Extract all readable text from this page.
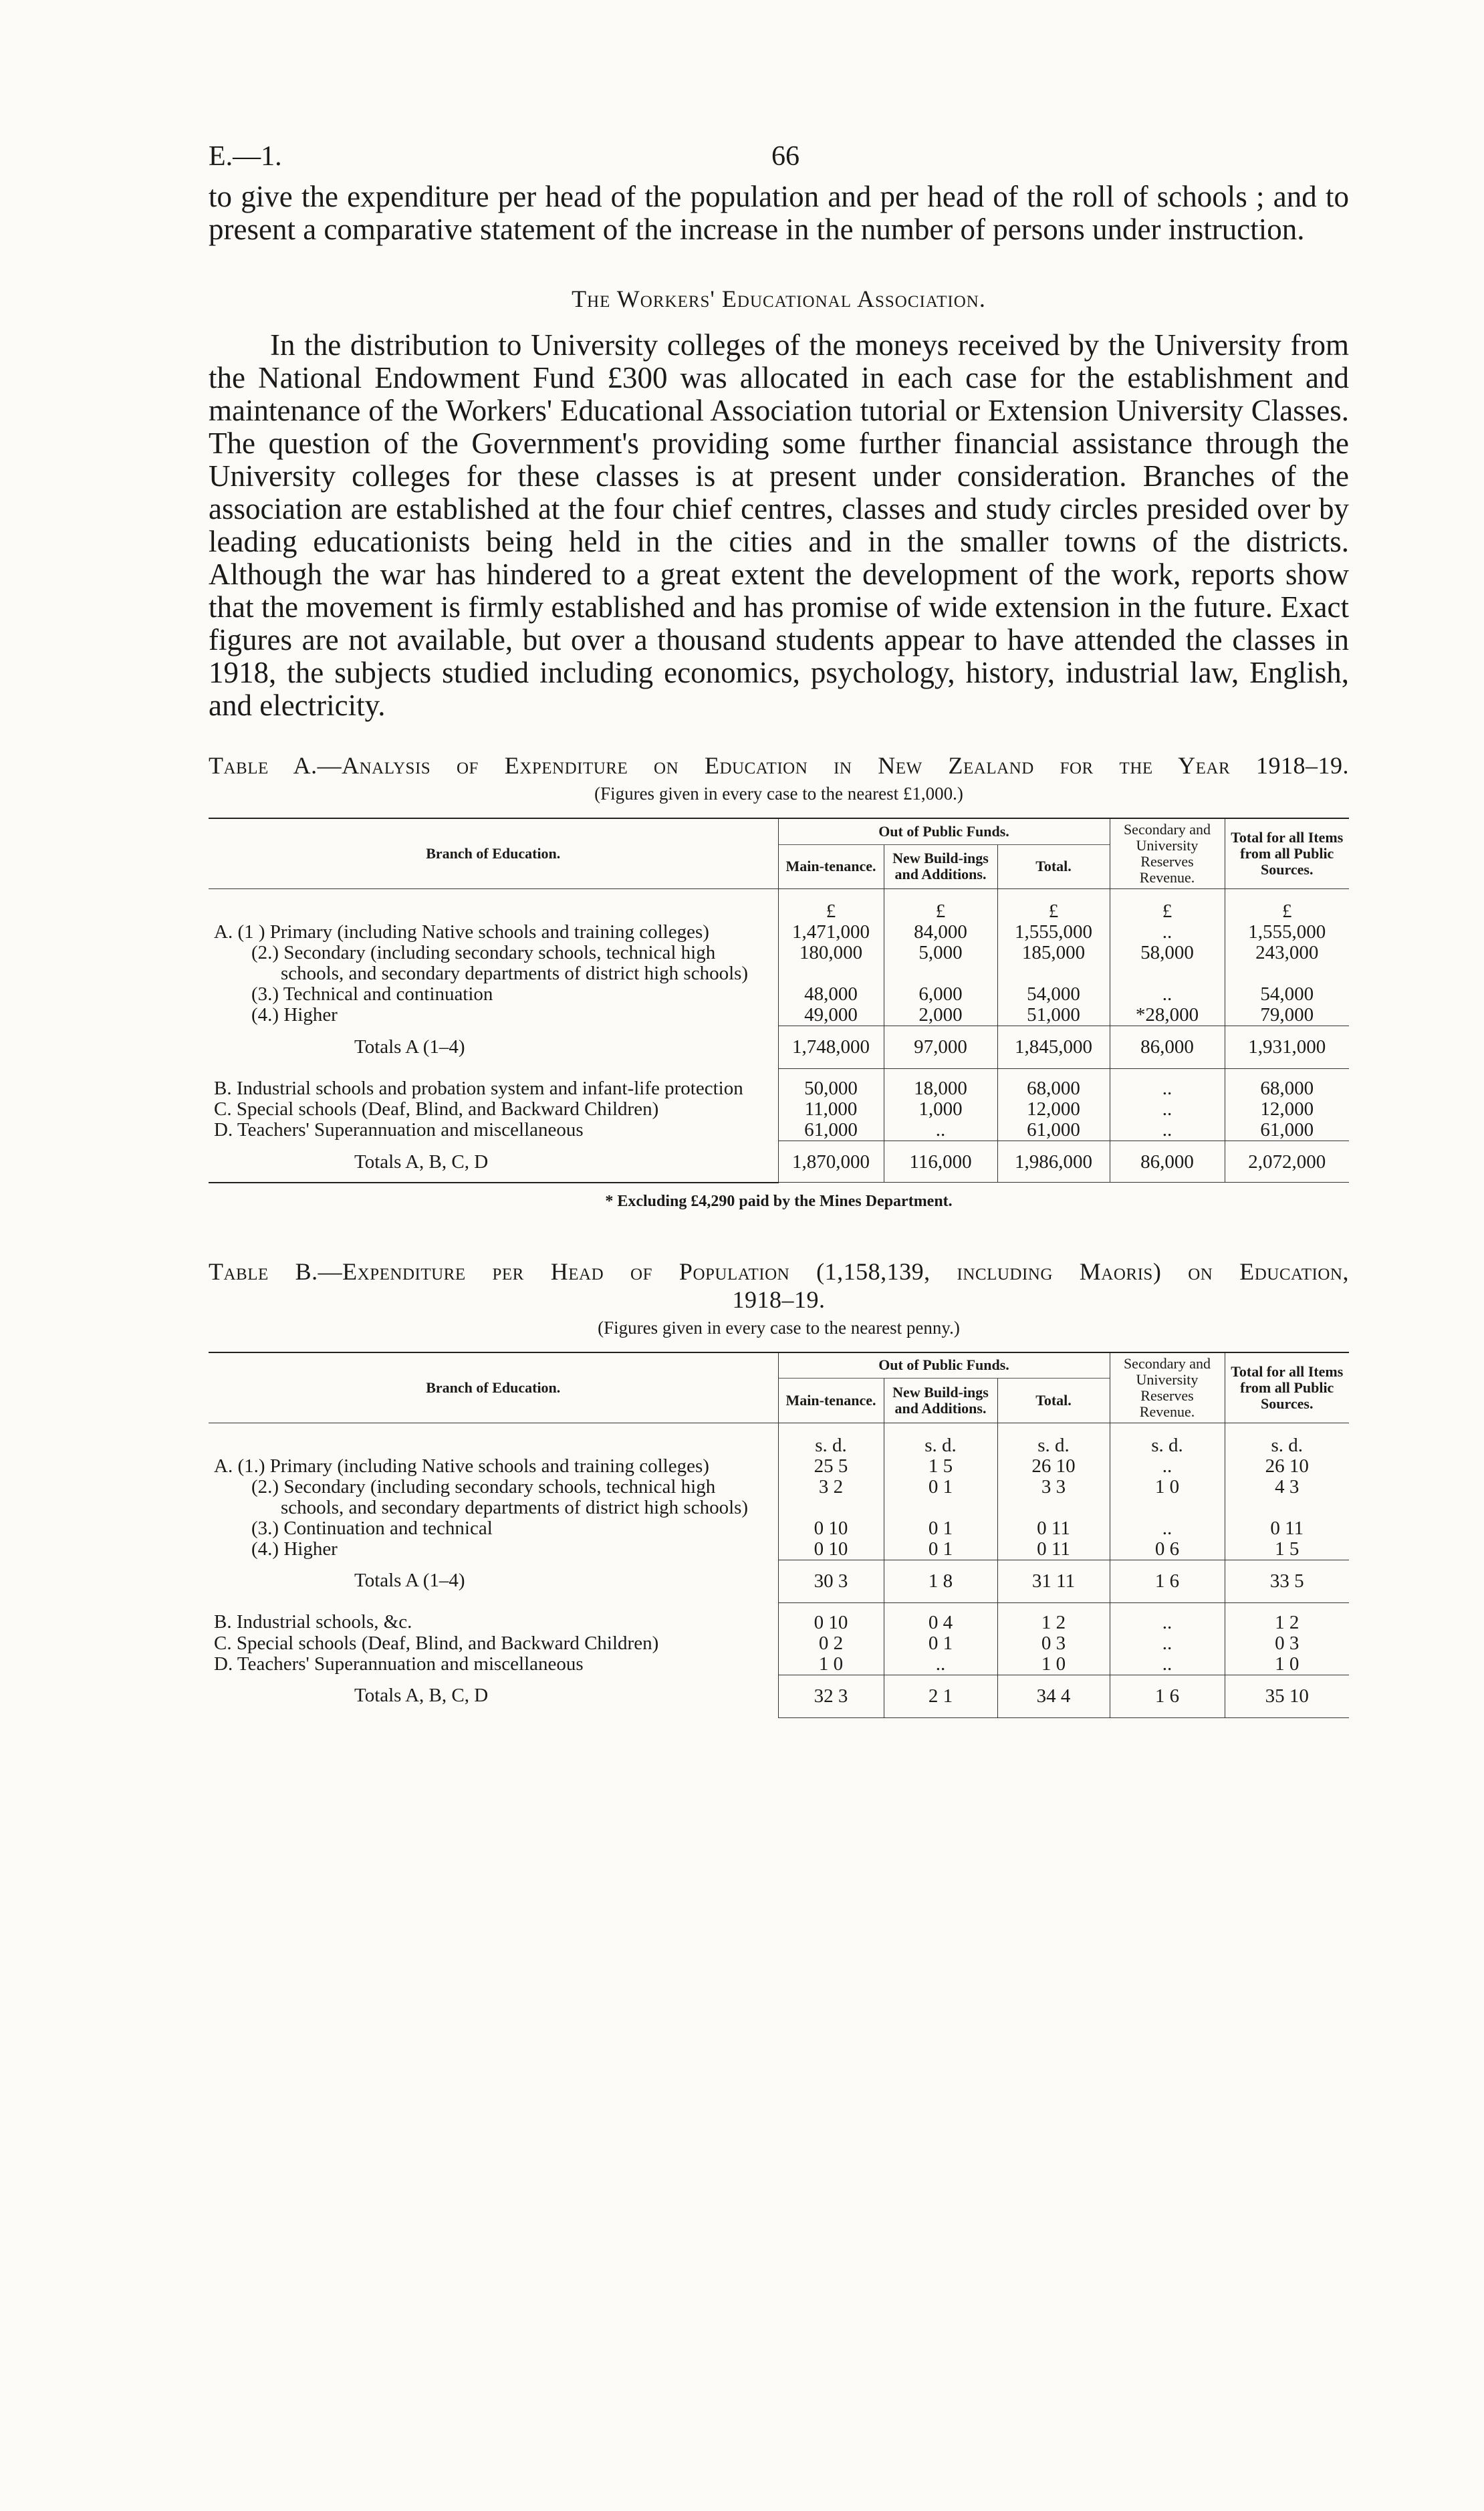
E.—1.	66

to give the expenditure per head of the population and per head of the roll of schools ; and to present a comparative statement of the increase in the number of persons under instruction.

The Workers' Educational Association.

In the distribution to University colleges of the moneys received by the University from the National Endowment Fund £300 was allocated in each case for the establishment and maintenance of the Workers' Educational Association tutorial or Extension University Classes. The question of the Government's providing some further financial assistance through the University colleges for these classes is at present under consideration. Branches of the association are established at the four chief centres, classes and study circles presided over by leading educationists being held in the cities and in the smaller towns of the districts. Although the war has hindered to a great extent the development of the work, reports show that the movement is firmly established and has promise of wide extension in the future. Exact figures are not available, but over a thousand students appear to have attended the classes in 1918, the subjects studied including economics, psychology, history, industrial law, English, and electricity.

Table A.—Analysis of Expenditure on Education in New Zealand for the Year 1918–19.
(Figures given in every case to the nearest £1,000.)
Branch of Education.	Out of Public Funds.			Secondary and University Reserves Revenue.	Total for all Items from all Public Sources.
	Main-tenance.	New Build-ings and Additions.	Total.		
	£	£	£	£	£

A. (1 ) Primary (including Native schools and training colleges)	1,471,000	84,000	1,555,000	..	1,555,000

(2.) Secondary (including secondary schools, technical high schools, and secondary departments of district high schools)	180,000	5,000	185,000	58,000	243,000

(3.) Technical and continuation	48,000	6,000	54,000	..	54,000

(4.) Higher	49,000	2,000	51,000	*28,000	79,000

Totals A (1–4)	1,748,000	97,000	1,845,000	86,000	1,931,000

B. Industrial schools and probation system and infant-life protection	50,000	18,000	68,000	..	68,000

C. Special schools (Deaf, Blind, and Backward Children)	11,000	1,000	12,000	..	12,000

D. Teachers' Superannuation and miscellaneous	61,000	..	61,000	..	61,000

Totals A, B, C, D	1,870,000	116,000	1,986,000	86,000	2,072,000
* Excluding £4,290 paid by the Mines Department.
Table B.—Expenditure per Head of Population (1,158,139, including Maoris) on Education,
1918–19.
(Figures given in every case to the nearest penny.)
Branch of Education.	Out of Public Funds.			Secondary and University Reserves Revenue.	Total for all Items from all Public Sources.
	Main-tenance.	New Build-ings and Additions.	Total.		
	s. d.	s. d.	s. d.	s. d.	s. d.

A. (1.) Primary (including Native schools and training colleges)	25 5	1 5	26 10	..	26 10

(2.) Secondary (including secondary schools, technical high schools, and secondary departments of district high schools)	3 2	0 1	3 3	1 0	4 3

(3.) Continuation and technical	0 10	0 1	0 11	..	0 11

(4.) Higher	0 10	0 1	0 11	0 6	1 5

Totals A (1–4)	30 3	1 8	31 11	1 6	33 5

B. Industrial schools, &c.	0 10	0 4	1 2	..	1 2

C. Special schools (Deaf, Blind, and Backward Children)	0 2	0 1	0 3	..	0 3

D. Teachers' Superannuation and miscellaneous	1 0	..	1 0	..	1 0

Totals A, B, C, D	32 3	2 1	34 4	1 6	35 10
